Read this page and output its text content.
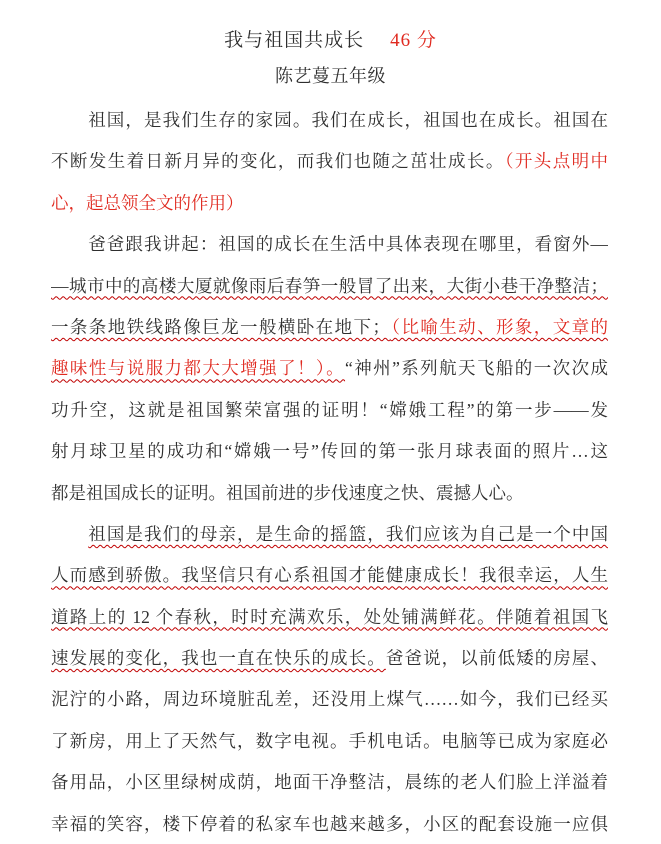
我与祖国共成长 46 分
陈艺蔓五年级
　　祖国，是我们生存的家园。我们在成长，祖国也在成长。祖国在
不断发生着日新月异的变化，而我们也随之茁壮成长。（开头点明中
心，起总领全文的作用）
　　爸爸跟我讲起：祖国的成长在生活中具体表现在哪里，看窗外—
—城市中的高楼大厦就像雨后春笋一般冒了出来，大街小巷干净整洁；
一条条地铁线路像巨龙一般横卧在地下；（比喻生动、形象，文章的
趣味性与说服力都大大增强了！）。“神州”系列航天飞船的一次次成
功升空，这就是祖国繁荣富强的证明！“嫦娥工程”的第一步——发
射月球卫星的成功和“嫦娥一号”传回的第一张月球表面的照片…这
都是祖国成长的证明。祖国前进的步伐速度之快、震撼人心。
　　祖国是我们的母亲，是生命的摇篮，我们应该为自己是一个中国
人而感到骄傲。我坚信只有心系祖国才能健康成长！我很幸运，人生
道路上的 12 个春秋，时时充满欢乐，处处铺满鲜花。伴随着祖国飞
速发展的变化，我也一直在快乐的成长。爸爸说，以前低矮的房屋、
泥泞的小路，周边环境脏乱差，还没用上煤气……如今，我们已经买
了新房，用上了天然气，数字电视。手机电话。电脑等已成为家庭必
备用品，小区里绿树成荫，地面干净整洁，晨练的老人们脸上洋溢着
幸福的笑容，楼下停着的私家车也越来越多，小区的配套设施一应俱
